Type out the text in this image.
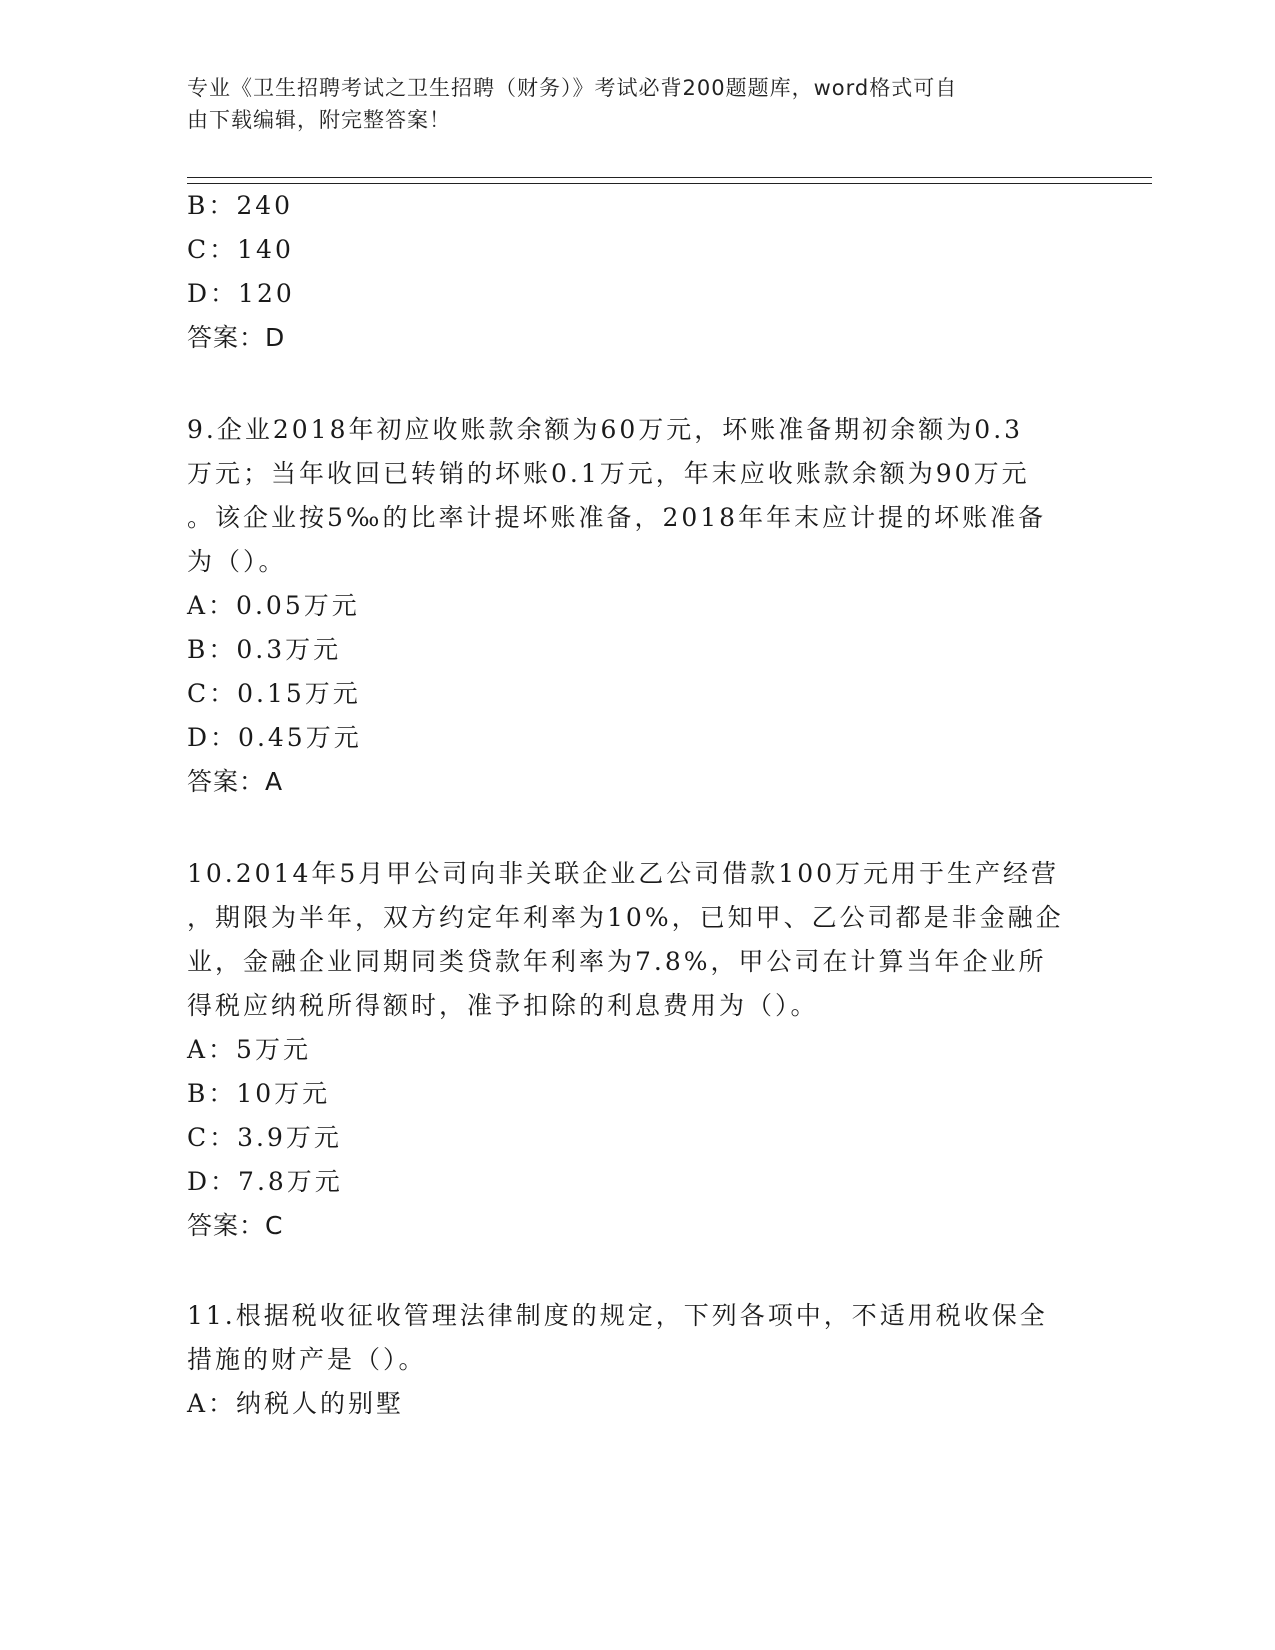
专业《卫生招聘考试之卫生招聘（财务）》考试必背200题题库，word格式可自
由下载编辑，附完整答案！
B：240
C：140
D：120
答案：D
9.企业2018年初应收账款余额为60万元，坏账准备期初余额为0.3
万元；当年收回已转销的坏账0.1万元，年末应收账款余额为90万元
。该企业按5‰的比率计提坏账准备，2018年年末应计提的坏账准备
为（）。
A：0.05万元
B：0.3万元
C：0.15万元
D：0.45万元
答案：A
10.2014年5月甲公司向非关联企业乙公司借款100万元用于生产经营
，期限为半年，双方约定年利率为10%，已知甲、乙公司都是非金融企
业，金融企业同期同类贷款年利率为7.8%，甲公司在计算当年企业所
得税应纳税所得额时，准予扣除的利息费用为（）。
A：5万元
B：10万元
C：3.9万元
D：7.8万元
答案：C
11.根据税收征收管理法律制度的规定，下列各项中，不适用税收保全
措施的财产是（）。
A：纳税人的别墅
